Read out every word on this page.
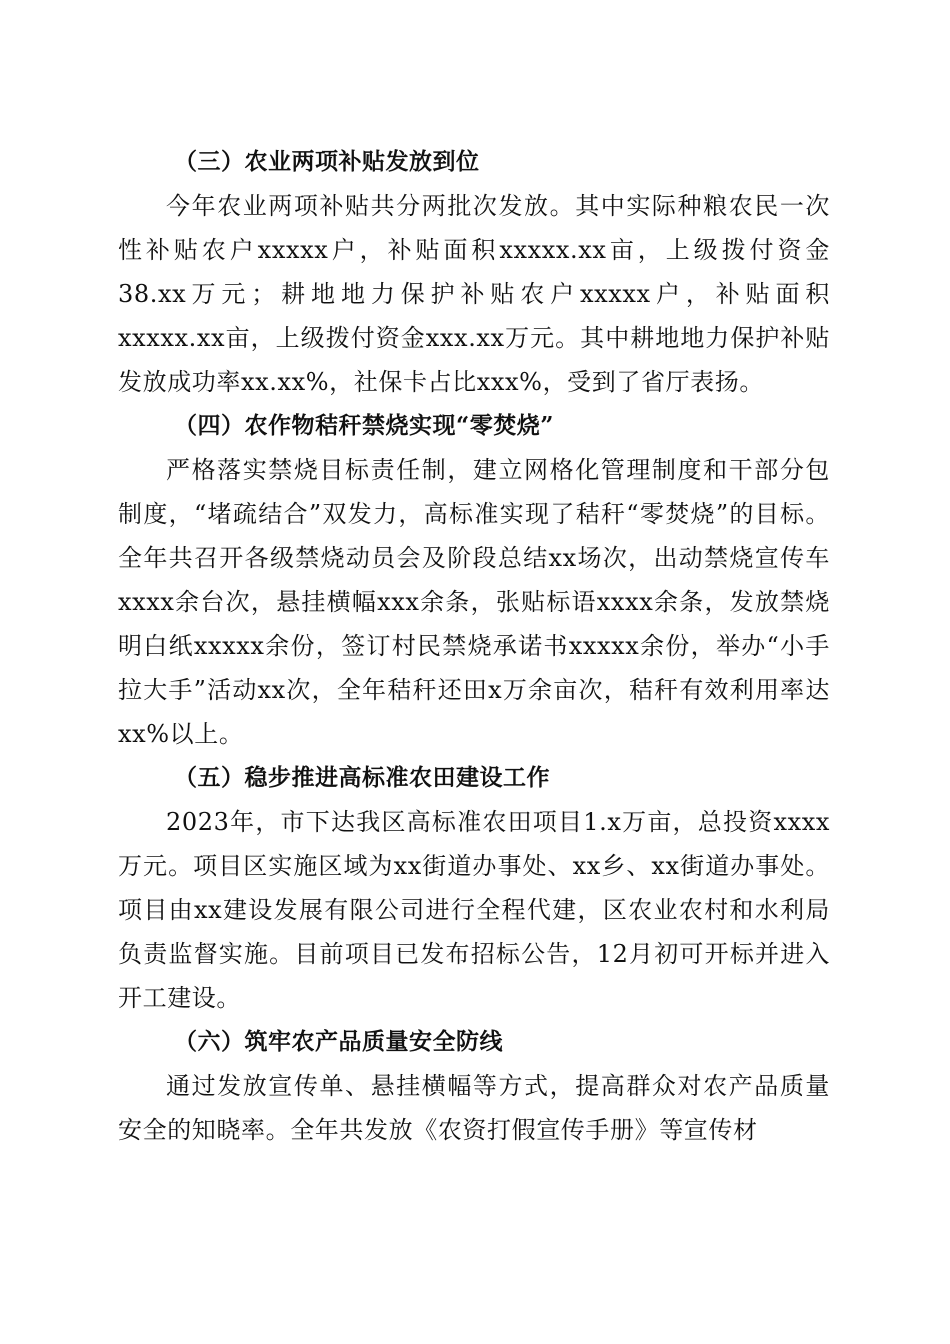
（三）农业两项补贴发放到位

今年农业两项补贴共分两批次发放。其中实际种粮农民一次性补贴农户xxxxx户，补贴面积xxxxx.xx亩，上级拨付资金38.xx万元；耕地地力保护补贴农户xxxxx户，补贴面积xxxxx.xx亩，上级拨付资金xxx.xx万元。其中耕地地力保护补贴发放成功率xx.xx%，社保卡占比xxx%，受到了省厅表扬。

（四）农作物秸秆禁烧实现“零焚烧”

严格落实禁烧目标责任制，建立网格化管理制度和干部分包制度，“堵疏结合”双发力，高标准实现了秸秆“零焚烧”的目标。全年共召开各级禁烧动员会及阶段总结xx场次，出动禁烧宣传车xxxx余台次，悬挂横幅xxx余条，张贴标语xxxx余条，发放禁烧明白纸xxxxx余份，签订村民禁烧承诺书xxxxx余份，举办“小手拉大手”活动xx次，全年秸秆还田x万余亩次，秸秆有效利用率达xx%以上。

（五）稳步推进高标准农田建设工作

2023年，市下达我区高标准农田项目1.x万亩，总投资xxxx万元。项目区实施区域为xx街道办事处、xx乡、xx街道办事处。项目由xx建设发展有限公司进行全程代建，区农业农村和水利局负责监督实施。目前项目已发布招标公告，12月初可开标并进入开工建设。

（六）筑牢农产品质量安全防线

通过发放宣传单、悬挂横幅等方式，提高群众对农产品质量安全的知晓率。全年共发放《农资打假宣传手册》等宣传材
